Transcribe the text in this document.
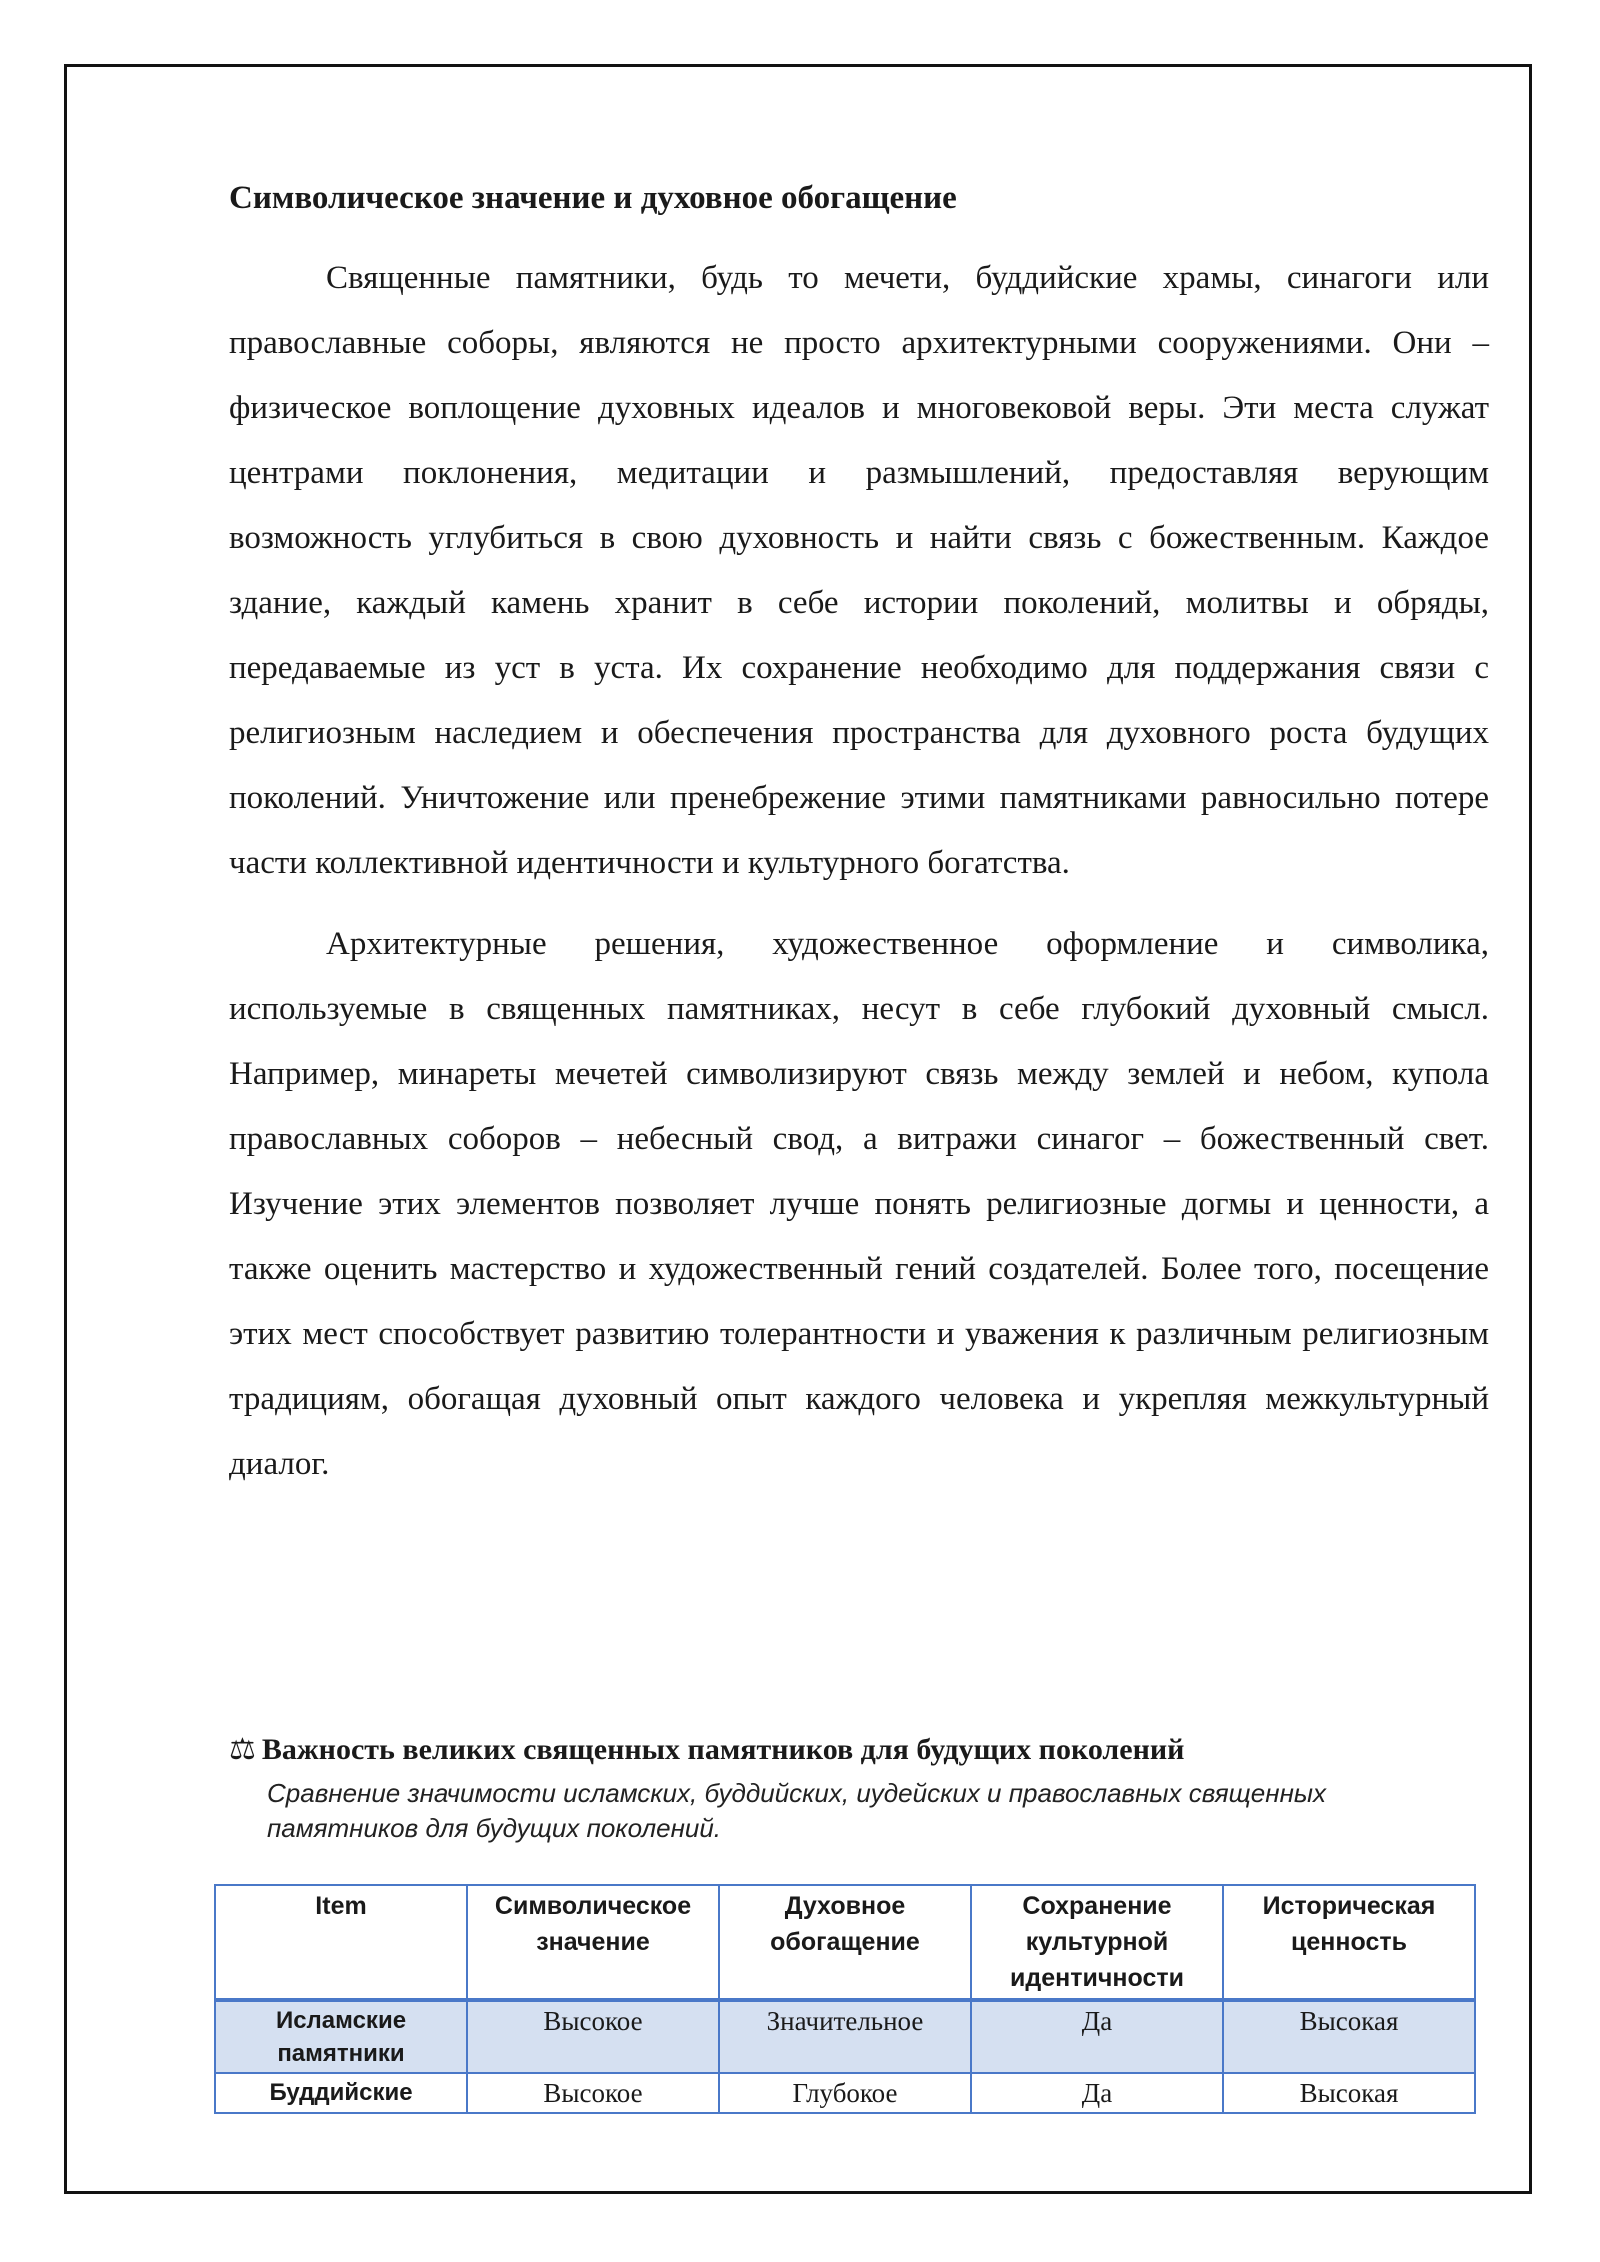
Символическое значение и духовное обогащение

Священные памятники, будь то мечети, буддийские храмы, синагоги или православные соборы, являются не просто архитектурными сооружениями. Они – физическое воплощение духовных идеалов и многовековой веры. Эти места служат центрами поклонения, медитации и размышлений, предоставляя верующим возможность углубиться в свою духовность и найти связь с божественным. Каждое здание, каждый камень хранит в себе истории поколений, молитвы и обряды, передаваемые из уст в уста. Их сохранение необходимо для поддержания связи с религиозным наследием и обеспечения пространства для духовного роста будущих поколений. Уничтожение или пренебрежение этими памятниками равносильно потере части коллективной идентичности и культурного богатства.

Архитектурные решения, художественное оформление и символика, используемые в священных памятниках, несут в себе глубокий духовный смысл. Например, минареты мечетей символизируют связь между землей и небом, купола православных соборов – небесный свод, а витражи синагог – божественный свет. Изучение этих элементов позволяет лучше понять религиозные догмы и ценности, а также оценить мастерство и художественный гений создателей. Более того, посещение этих мест способствует развитию толерантности и уважения к различным религиозным традициям, обогащая духовный опыт каждого человека и укрепляя межкультурный диалог.

⚖ Важность великих священных памятников для будущих поколений
Сравнение значимости исламских, буддийских, иудейских и православных священных памятников для будущих поколений.
Item	Символическое значение	Духовное обогащение	Сохранение культурной идентичности	Историческая ценность
Исламские памятники	Высокое	Значительное	Да	Высокая
Буддийские	Высокое	Глубокое	Да	Высокая
